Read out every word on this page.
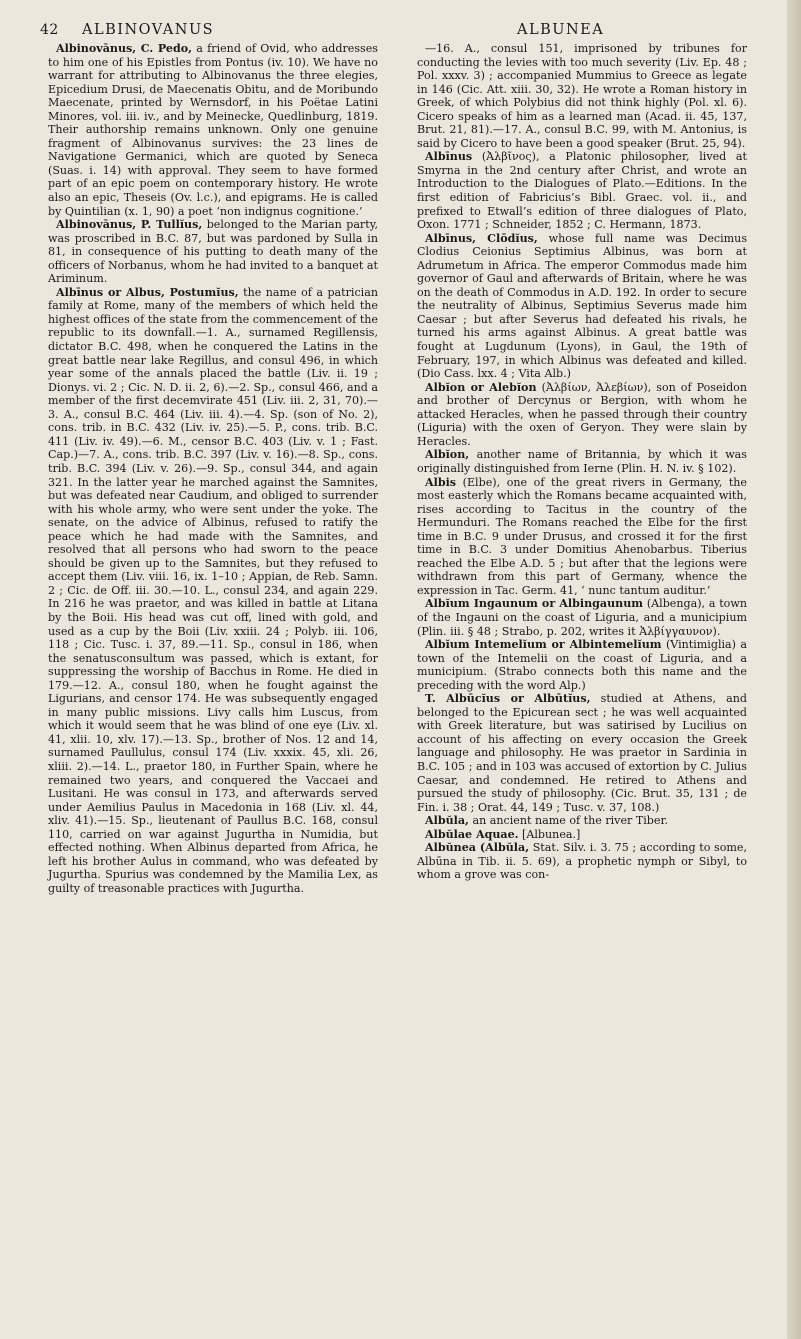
42 ALBINOVANUS	ALBUNEA

Albinovānus, C. Pedo, a friend of Ovid, who addresses to him one of his Epistles from Pontus (iv. 10). We have no warrant for attributing to Albinovanus the three elegies, Epicedium Drusi, de Maecenatis Obitu, and de Moribundo Maecenate, printed by Wernsdorf, in his Poëtae Latini Minores, vol. iii. iv., and by Meinecke, Quedlinburg, 1819. Their authorship remains unknown. Only one genuine fragment of Albinovanus survives: the 23 lines de Navigatione Germanici, which are quoted by Seneca (Suas. i. 14) with approval. They seem to have formed part of an epic poem on contemporary history. He wrote also an epic, Theseis (Ov. l.c.), and epigrams. He is called by Quintilian (x. 1, 90) a poet ‘non indignus cognitione.’

Albinovānus, P. Tullĭus, belonged to the Marian party, was proscribed in B.C. 87, but was pardoned by Sulla in 81, in consequence of his putting to death many of the officers of Norbanus, whom he had invited to a banquet at Ariminum.

Albīnus or Albus, Postumĭus, the name of a patrician family at Rome, many of the members of which held the highest offices of the state from the commencement of the republic to its downfall.—1. A., surnamed Regillensis, dictator B.C. 498, when he conquered the Latins in the great battle near lake Regillus, and consul 496, in which year some of the annals placed the battle (Liv. ii. 19 ; Dionys. vi. 2 ; Cic. N. D. ii. 2, 6).—2. Sp., consul 466, and a member of the first decemvirate 451 (Liv. iii. 2, 31, 70).—3. A., consul B.C. 464 (Liv. iii. 4).—4. Sp. (son of No. 2), cons. trib. in B.C. 432 (Liv. iv. 25).—5. P., cons. trib. B.C. 411 (Liv. iv. 49).—6. M., censor B.C. 403 (Liv. v. 1 ; Fast. Cap.)—7. A., cons. trib. B.C. 397 (Liv. v. 16).—8. Sp., cons. trib. B.C. 394 (Liv. v. 26).—9. Sp., consul 344, and again 321. In the latter year he marched against the Samnites, but was defeated near Caudium, and obliged to surrender with his whole army, who were sent under the yoke. The senate, on the advice of Albinus, refused to ratify the peace which he had made with the Samnites, and resolved that all persons who had sworn to the peace should be given up to the Samnites, but they refused to accept them (Liv. viii. 16, ix. 1–10 ; Appian, de Reb. Samn. 2 ; Cic. de Off. iii. 30.—10. L., consul 234, and again 229. In 216 he was praetor, and was killed in battle at Litana by the Boii. His head was cut off, lined with gold, and used as a cup by the Boii (Liv. xxiii. 24 ; Polyb. iii. 106, 118 ; Cic. Tusc. i. 37, 89.—11. Sp., consul in 186, when the senatusconsultum was passed, which is extant, for suppressing the worship of Bacchus in Rome. He died in 179.—12. A., consul 180, when he fought against the Ligurians, and censor 174. He was subsequently engaged in many public missions. Livy calls him Luscus, from which it would seem that he was blind of one eye (Liv. xl. 41, xlii. 10, xlv. 17).—13. Sp., brother of Nos. 12 and 14, surnamed Paullulus, consul 174 (Liv. xxxix. 45, xli. 26, xliii. 2).—14. L., praetor 180, in Further Spain, where he remained two years, and conquered the Vaccaei and Lusitani. He was consul in 173, and afterwards served under Aemilius Paulus in Macedonia in 168 (Liv. xl. 44, xliv. 41).—15. Sp., lieutenant of Paullus B.C. 168, consul 110, carried on war against Jugurtha in Numidia, but effected nothing. When Albinus departed from Africa, he left his brother Aulus in command, who was defeated by Jugurtha. Spurius was condemned by the Mamilia Lex, as guilty of treasonable practices with Jugurtha.

—16. A., consul 151, imprisoned by tribunes for conducting the levies with too much severity (Liv. Ep. 48 ; Pol. xxxv. 3) ; accompanied Mummius to Greece as legate in 146 (Cic. Att. xiii. 30, 32). He wrote a Roman history in Greek, of which Polybius did not think highly (Pol. xl. 6). Cicero speaks of him as a learned man (Acad. ii. 45, 137, Brut. 21, 81).—17. A., consul B.C. 99, with M. Antonius, is said by Cicero to have been a good speaker (Brut. 25, 94).

Albīnus (Ἀλβῖνος), a Platonic philosopher, lived at Smyrna in the 2nd century after Christ, and wrote an Introduction to the Dialogues of Plato.—Editions. In the first edition of Fabricius’s Bibl. Graec. vol. ii., and prefixed to Etwall’s edition of three dialogues of Plato, Oxon. 1771 ; Schneider, 1852 ; C. Hermann, 1873.

Albīnus, Clōdĭus, whose full name was Decimus Clodius Ceionius Septimius Albinus, was born at Adrumetum in Africa. The emperor Commodus made him governor of Gaul and afterwards of Britain, where he was on the death of Commodus in A.D. 192. In order to secure the neutrality of Albinus, Septimius Severus made him Caesar ; but after Severus had defeated his rivals, he turned his arms against Albinus. A great battle was fought at Lugdunum (Lyons), in Gaul, the 19th of February, 197, in which Albinus was defeated and killed. (Dio Cass. lxx. 4 ; Vita Alb.)

Albĭon or Alebĭon (Ἀλβίων, Ἀλεβίων), son of Poseidon and brother of Dercynus or Bergion, with whom he attacked Heracles, when he passed through their country (Liguria) with the oxen of Geryon. They were slain by Heracles.

Albĭon, another name of Britannia, by which it was originally distinguished from Ierne (Plin. H. N. iv. § 102).

Albis (Elbe), one of the great rivers in Germany, the most easterly which the Romans became acquainted with, rises according to Tacitus in the country of the Hermunduri. The Romans reached the Elbe for the first time in B.C. 9 under Drusus, and crossed it for the first time in B.C. 3 under Domitius Ahenobarbus. Tiberius reached the Elbe A.D. 5 ; but after that the legions were withdrawn from this part of Germany, whence the expression in Tac. Germ. 41, ‘ nunc tantum auditur.’

Albĭum Ingaunum or Albingaunum (Albenga), a town of the Ingauni on the coast of Liguria, and a municipium (Plin. iii. § 48 ; Strabo, p. 202, writes it Ἀλβίγγαυνον).

Albĭum Intemelĭum or Albintemelĭum (Vintimiglia) a town of the Intemelii on the coast of Liguria, and a municipium. (Strabo connects both this name and the preceding with the word Alp.)

T. Albūcĭus or Albūtĭus, studied at Athens, and belonged to the Epicurean sect ; he was well acquainted with Greek literature, but was satirised by Lucilius on account of his affecting on every occasion the Greek language and philosophy. He was praetor in Sardinia in B.C. 105 ; and in 103 was accused of extortion by C. Julius Caesar, and condemned. He retired to Athens and pursued the study of philosophy. (Cic. Brut. 35, 131 ; de Fin. i. 38 ; Orat. 44, 149 ; Tusc. v. 37, 108.)

Albŭla, an ancient name of the river Tiber.

Albŭlae Aquae. [Albunea.]

Albŭnea (Albŭla, Stat. Silv. i. 3. 75 ; according to some, Albūna in Tib. ii. 5. 69), a prophetic nymph or Sibyl, to whom a grove was con-
